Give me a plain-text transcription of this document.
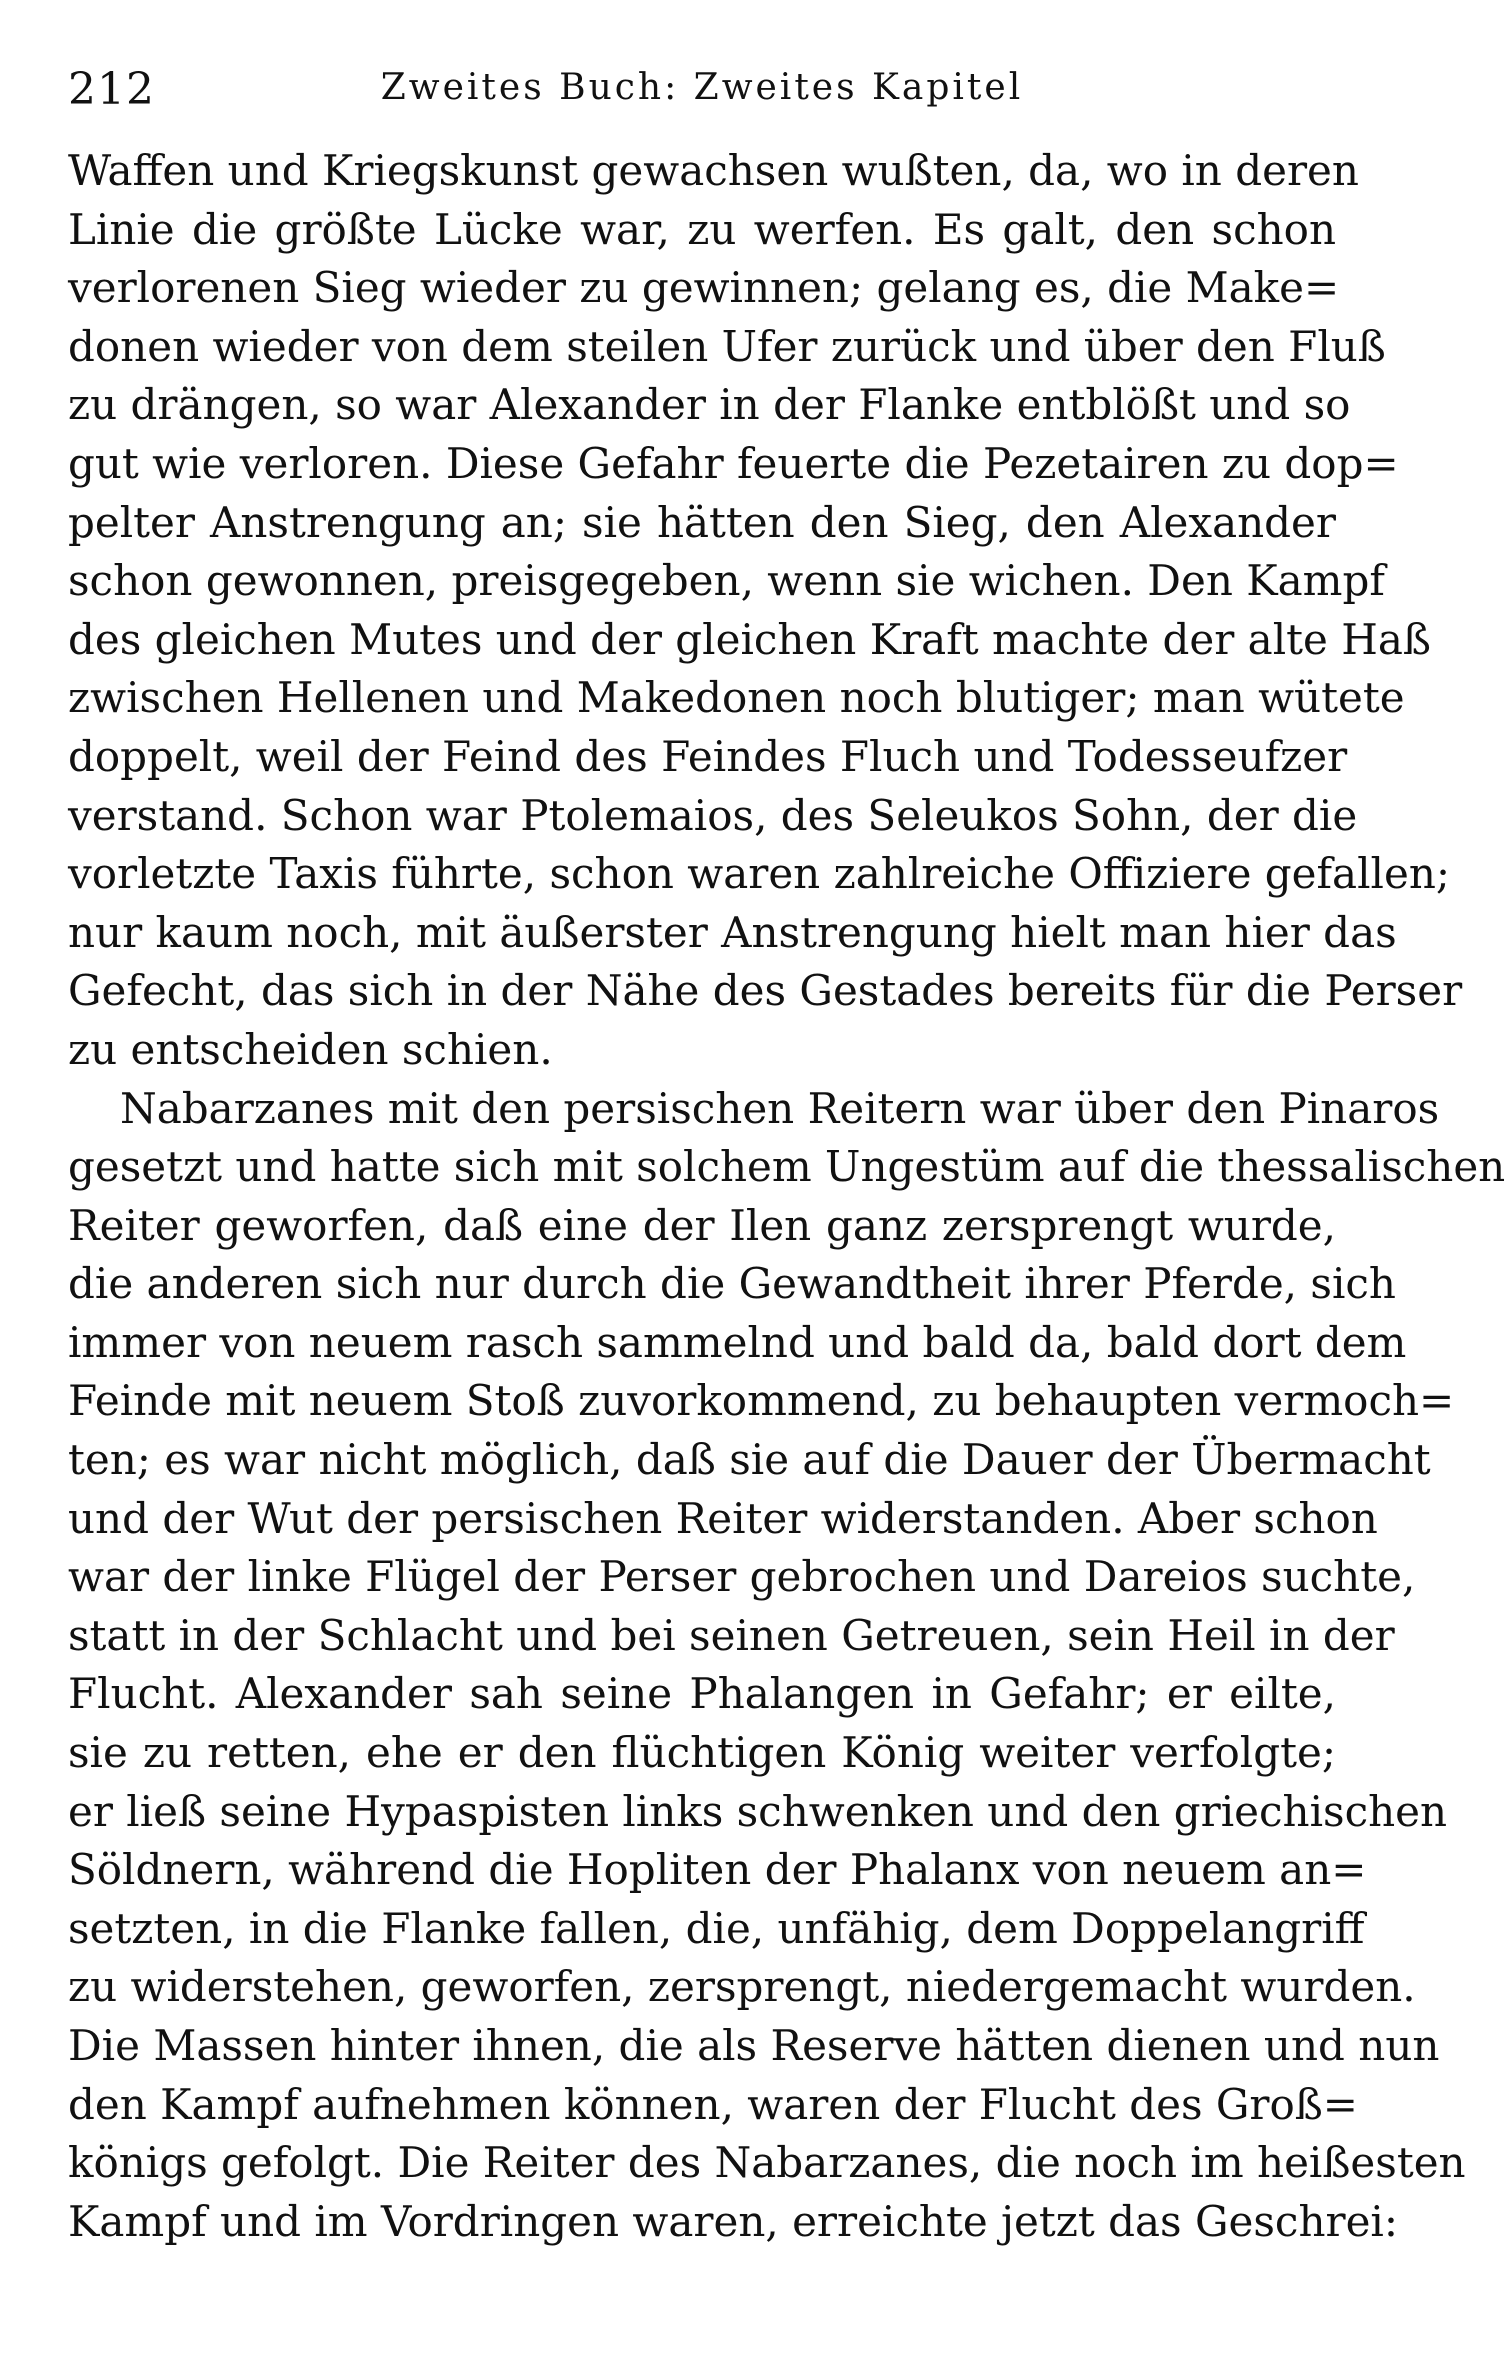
212	Zweites Buch: Zweites Kapitel
Waffen und Kriegskunst gewachsen wußten, da, wo in deren
Linie die größte Lücke war, zu werfen. Es galt, den schon
verlorenen Sieg wieder zu gewinnen; gelang es, die Make=
donen wieder von dem steilen Ufer zurück und über den Fluß
zu drängen, so war Alexander in der Flanke entblößt und so
gut wie verloren. Diese Gefahr feuerte die Pezetairen zu dop=
pelter Anstrengung an; sie hätten den Sieg, den Alexander
schon gewonnen, preisgegeben, wenn sie wichen. Den Kampf
des gleichen Mutes und der gleichen Kraft machte der alte Haß
zwischen Hellenen und Makedonen noch blutiger; man wütete
doppelt, weil der Feind des Feindes Fluch und Todesseufzer
verstand. Schon war Ptolemaios, des Seleukos Sohn, der die
vorletzte Taxis führte, schon waren zahlreiche Offiziere gefallen;
nur kaum noch, mit äußerster Anstrengung hielt man hier das
Gefecht, das sich in der Nähe des Gestades bereits für die Perser
zu entscheiden schien.
Nabarzanes mit den persischen Reitern war über den Pinaros
gesetzt und hatte sich mit solchem Ungestüm auf die thessalischen
Reiter geworfen, daß eine der Ilen ganz zersprengt wurde,
die anderen sich nur durch die Gewandtheit ihrer Pferde, sich
immer von neuem rasch sammelnd und bald da, bald dort dem
Feinde mit neuem Stoß zuvorkommend, zu behaupten vermoch=
ten; es war nicht möglich, daß sie auf die Dauer der Übermacht
und der Wut der persischen Reiter widerstanden. Aber schon
war der linke Flügel der Perser gebrochen und Dareios suchte,
statt in der Schlacht und bei seinen Getreuen, sein Heil in der
Flucht. Alexander sah seine Phalangen in Gefahr; er eilte,
sie zu retten, ehe er den flüchtigen König weiter verfolgte;
er ließ seine Hypaspisten links schwenken und den griechischen
Söldnern, während die Hopliten der Phalanx von neuem an=
setzten, in die Flanke fallen, die, unfähig, dem Doppelangriff
zu widerstehen, geworfen, zersprengt, niedergemacht wurden.
Die Massen hinter ihnen, die als Reserve hätten dienen und nun
den Kampf aufnehmen können, waren der Flucht des Groß=
königs gefolgt. Die Reiter des Nabarzanes, die noch im heißesten
Kampf und im Vordringen waren, erreichte jetzt das Geschrei:
